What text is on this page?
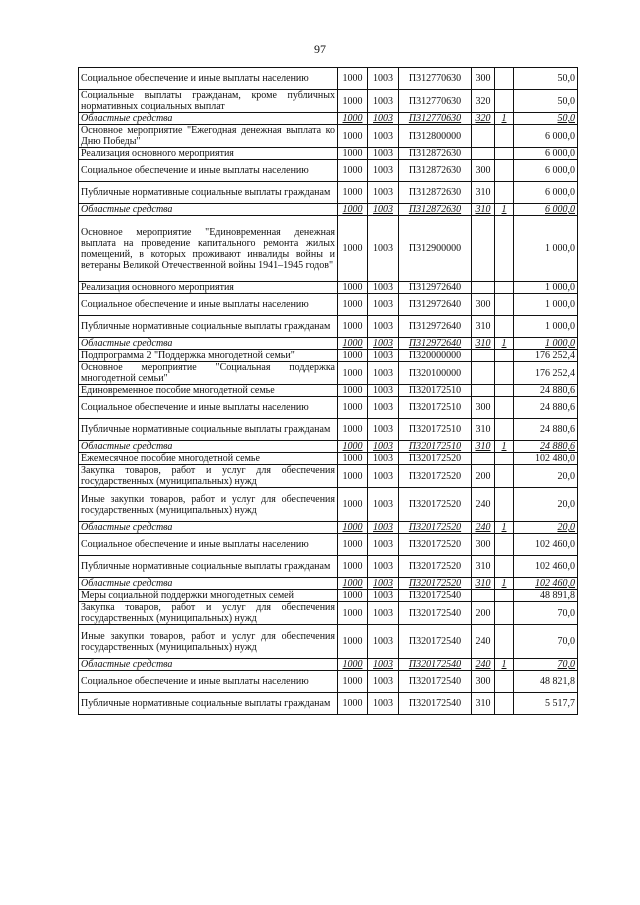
97
Социальное обеспечение и иные выплаты населению	1000	1003	П312770630	300		50,0
Социальные выплаты гражданам, кроме публичных нормативных социальных выплат	1000	1003	П312770630	320		50,0
Областные средства	1000	1003	П312770630	320	1	50,0
Основное мероприятие "Ежегодная денежная выплата ко Дню Победы"	1000	1003	П312800000			6 000,0
Реализация основного мероприятия	1000	1003	П312872630			6 000,0
Социальное обеспечение и иные выплаты населению	1000	1003	П312872630	300		6 000,0
Публичные нормативные социальные выплаты гражданам	1000	1003	П312872630	310		6 000,0
Областные средства	1000	1003	П312872630	310	1	6 000,0
Основное мероприятие "Единовременная денежная выплата на проведение капитального ремонта жилых помещений, в которых проживают инвалиды войны и ветераны Великой Отечественной войны 1941–1945 годов"	1000	1003	П312900000			1 000,0
Реализация основного мероприятия	1000	1003	П312972640			1 000,0
Социальное обеспечение и иные выплаты населению	1000	1003	П312972640	300		1 000,0
Публичные нормативные социальные выплаты гражданам	1000	1003	П312972640	310		1 000,0
Областные средства	1000	1003	П312972640	310	1	1 000,0
Подпрограмма 2 "Поддержка многодетной семьи"	1000	1003	П320000000			176 252,4
Основное мероприятие "Социальная поддержка многодетной семьи"	1000	1003	П320100000			176 252,4
Единовременное пособие многодетной семье	1000	1003	П320172510			24 880,6
Социальное обеспечение и иные выплаты населению	1000	1003	П320172510	300		24 880,6
Публичные нормативные социальные выплаты гражданам	1000	1003	П320172510	310		24 880,6
Областные средства	1000	1003	П320172510	310	1	24 880,6
Ежемесячное пособие многодетной семье	1000	1003	П320172520			102 480,0
Закупка товаров, работ и услуг для обеспечения государственных (муниципальных) нужд	1000	1003	П320172520	200		20,0
Иные закупки товаров, работ и услуг для обеспечения государственных (муниципальных) нужд	1000	1003	П320172520	240		20,0
Областные средства	1000	1003	П320172520	240	1	20,0
Социальное обеспечение и иные выплаты населению	1000	1003	П320172520	300		102 460,0
Публичные нормативные социальные выплаты гражданам	1000	1003	П320172520	310		102 460,0
Областные средства	1000	1003	П320172520	310	1	102 460,0
Меры социальной поддержки многодетных семей	1000	1003	П320172540			48 891,8
Закупка товаров, работ и услуг для обеспечения государственных (муниципальных) нужд	1000	1003	П320172540	200		70,0
Иные закупки товаров, работ и услуг для обеспечения государственных (муниципальных) нужд	1000	1003	П320172540	240		70,0
Областные средства	1000	1003	П320172540	240	1	70,0
Социальное обеспечение и иные выплаты населению	1000	1003	П320172540	300		48 821,8
Публичные нормативные социальные выплаты гражданам	1000	1003	П320172540	310		5 517,7
